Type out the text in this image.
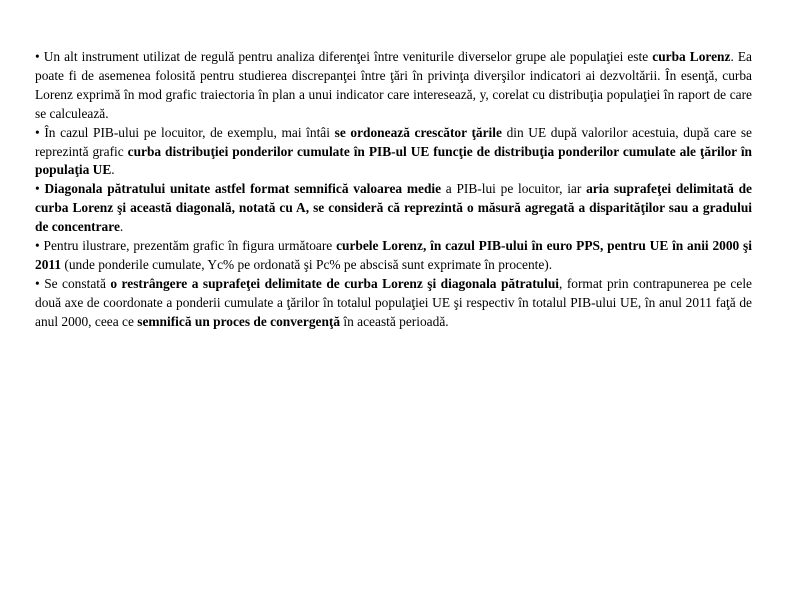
• Un alt instrument utilizat de regulă pentru analiza diferenţei între veniturile diverselor grupe ale populaţiei este curba Lorenz. Ea poate fi de asemenea folosită pentru studierea discrepanţei între ţări în privinţa diverşilor indicatori ai dezvoltării. În esenţă, curba Lorenz exprimă în mod grafic traiectoria în plan a unui indicator care interesează, y, corelat cu distribuţia populaţiei în raport de care se calculează.

• În cazul PIB-ului pe locuitor, de exemplu, mai întâi se ordonează crescător ţările din UE după valorilor acestuia, după care se reprezintă grafic curba distribuţiei ponderilor cumulate în PIB-ul UE funcţie de distribuţia ponderilor cumulate ale ţărilor în populaţia UE.

• Diagonala pătratului unitate astfel format semnifică valoarea medie a PIB-lui pe locuitor, iar aria suprafeţei delimitată de curba Lorenz şi această diagonală, notată cu A, se consideră că reprezintă o măsură agregată a disparităţilor sau a gradului de concentrare.

• Pentru ilustrare, prezentăm grafic în figura următoare curbele Lorenz, în cazul PIB-ului în euro PPS, pentru UE în anii 2000 şi 2011 (unde ponderile cumulate, Yc% pe ordonată şi Pc% pe abscisă sunt exprimate în procente).

• Se constată o restrângere a suprafeţei delimitate de curba Lorenz şi diagonala pătratului, format prin contrapunerea pe cele două axe de coordonate a ponderii cumulate a ţărilor în totalul populaţiei UE şi respectiv în totalul PIB-ului UE, în anul 2011 faţă de anul 2000, ceea ce semnifică un proces de convergenţă în această perioadă.
